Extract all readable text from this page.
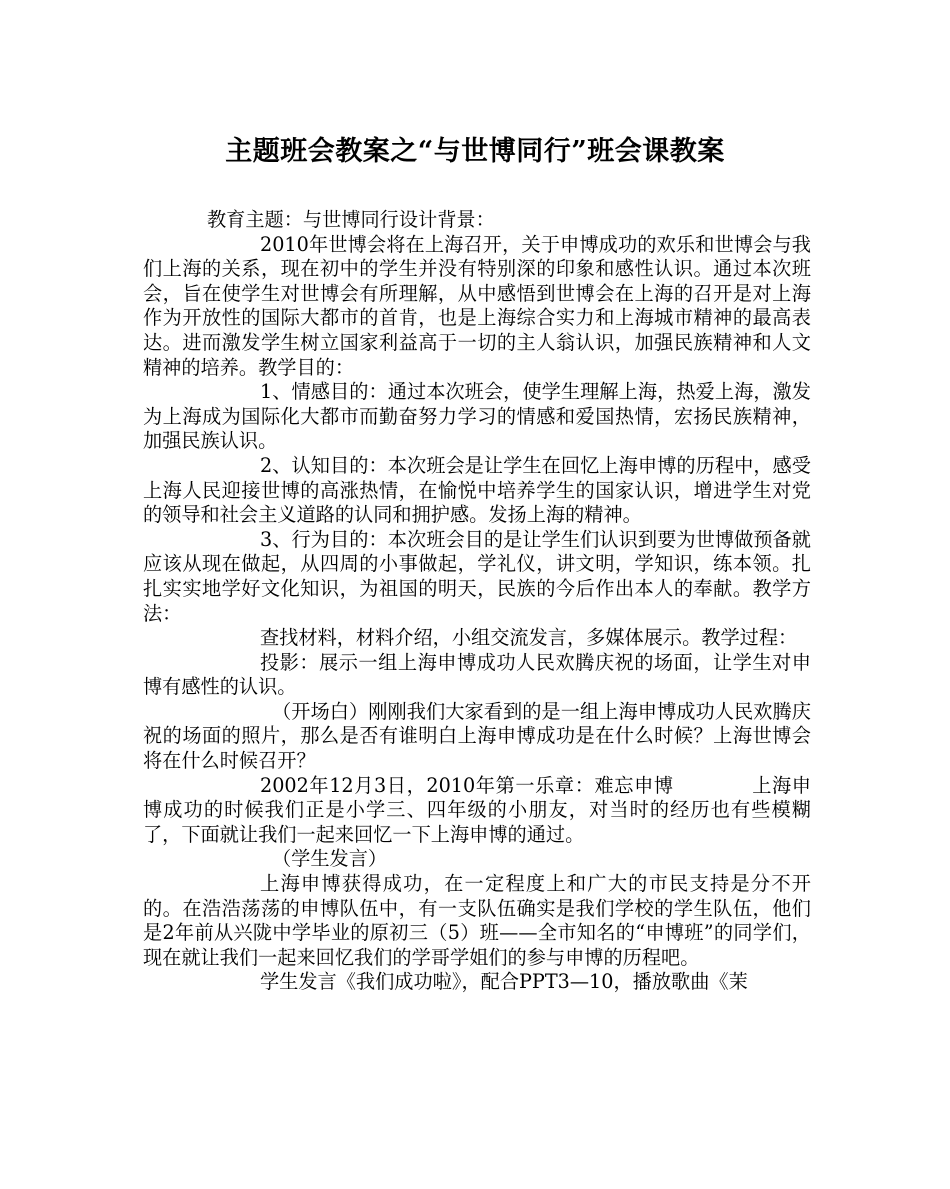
主题班会教案之“与世博同行”班会课教案

教育主题：与世博同行设计背景：

2010年世博会将在上海召开，关于申博成功的欢乐和世博会与我们上海的关系，现在初中的学生并没有特别深的印象和感性认识。通过本次班会，旨在使学生对世博会有所理解，从中感悟到世博会在上海的召开是对上海作为开放性的国际大都市的首肯，也是上海综合实力和上海城市精神的最高表达。进而激发学生树立国家利益高于一切的主人翁认识，加强民族精神和人文精神的培养。教学目的：

1、情感目的：通过本次班会，使学生理解上海，热爱上海，激发为上海成为国际化大都市而勤奋努力学习的情感和爱国热情，宏扬民族精神，加强民族认识。

2、认知目的：本次班会是让学生在回忆上海申博的历程中，感受上海人民迎接世博的高涨热情，在愉悦中培养学生的国家认识，增进学生对党的领导和社会主义道路的认同和拥护感。发扬上海的精神。

3、行为目的：本次班会目的是让学生们认识到要为世博做预备就应该从现在做起，从四周的小事做起，学礼仪，讲文明，学知识，练本领。扎扎实实地学好文化知识，为祖国的明天，民族的今后作出本人的奉献。教学方法：

查找材料，材料介绍，小组交流发言，多媒体展示。教学过程：

投影：展示一组上海申博成功人民欢腾庆祝的场面，让学生对申博有感性的认识。

（开场白）刚刚我们大家看到的是一组上海申博成功人民欢腾庆祝的场面的照片，那么是否有谁明白上海申博成功是在什么时候？上海世博会将在什么时候召开？

2002年12月3日，2010年第一乐章：难忘申博	上海申博成功的时候我们正是小学三、四年级的小朋友，对当时的经历也有些模糊了，下面就让我们一起来回忆一下上海申博的通过。

（学生发言）

上海申博获得成功，在一定程度上和广大的市民支持是分不开的。在浩浩荡荡的申博队伍中，有一支队伍确实是我们学校的学生队伍，他们是2年前从兴陇中学毕业的原初三（5）班——全市知名的“申博班”的同学们，现在就让我们一起来回忆我们的学哥学姐们的参与申博的历程吧。

学生发言《我们成功啦》，配合PPT3—10，播放歌曲《茉
